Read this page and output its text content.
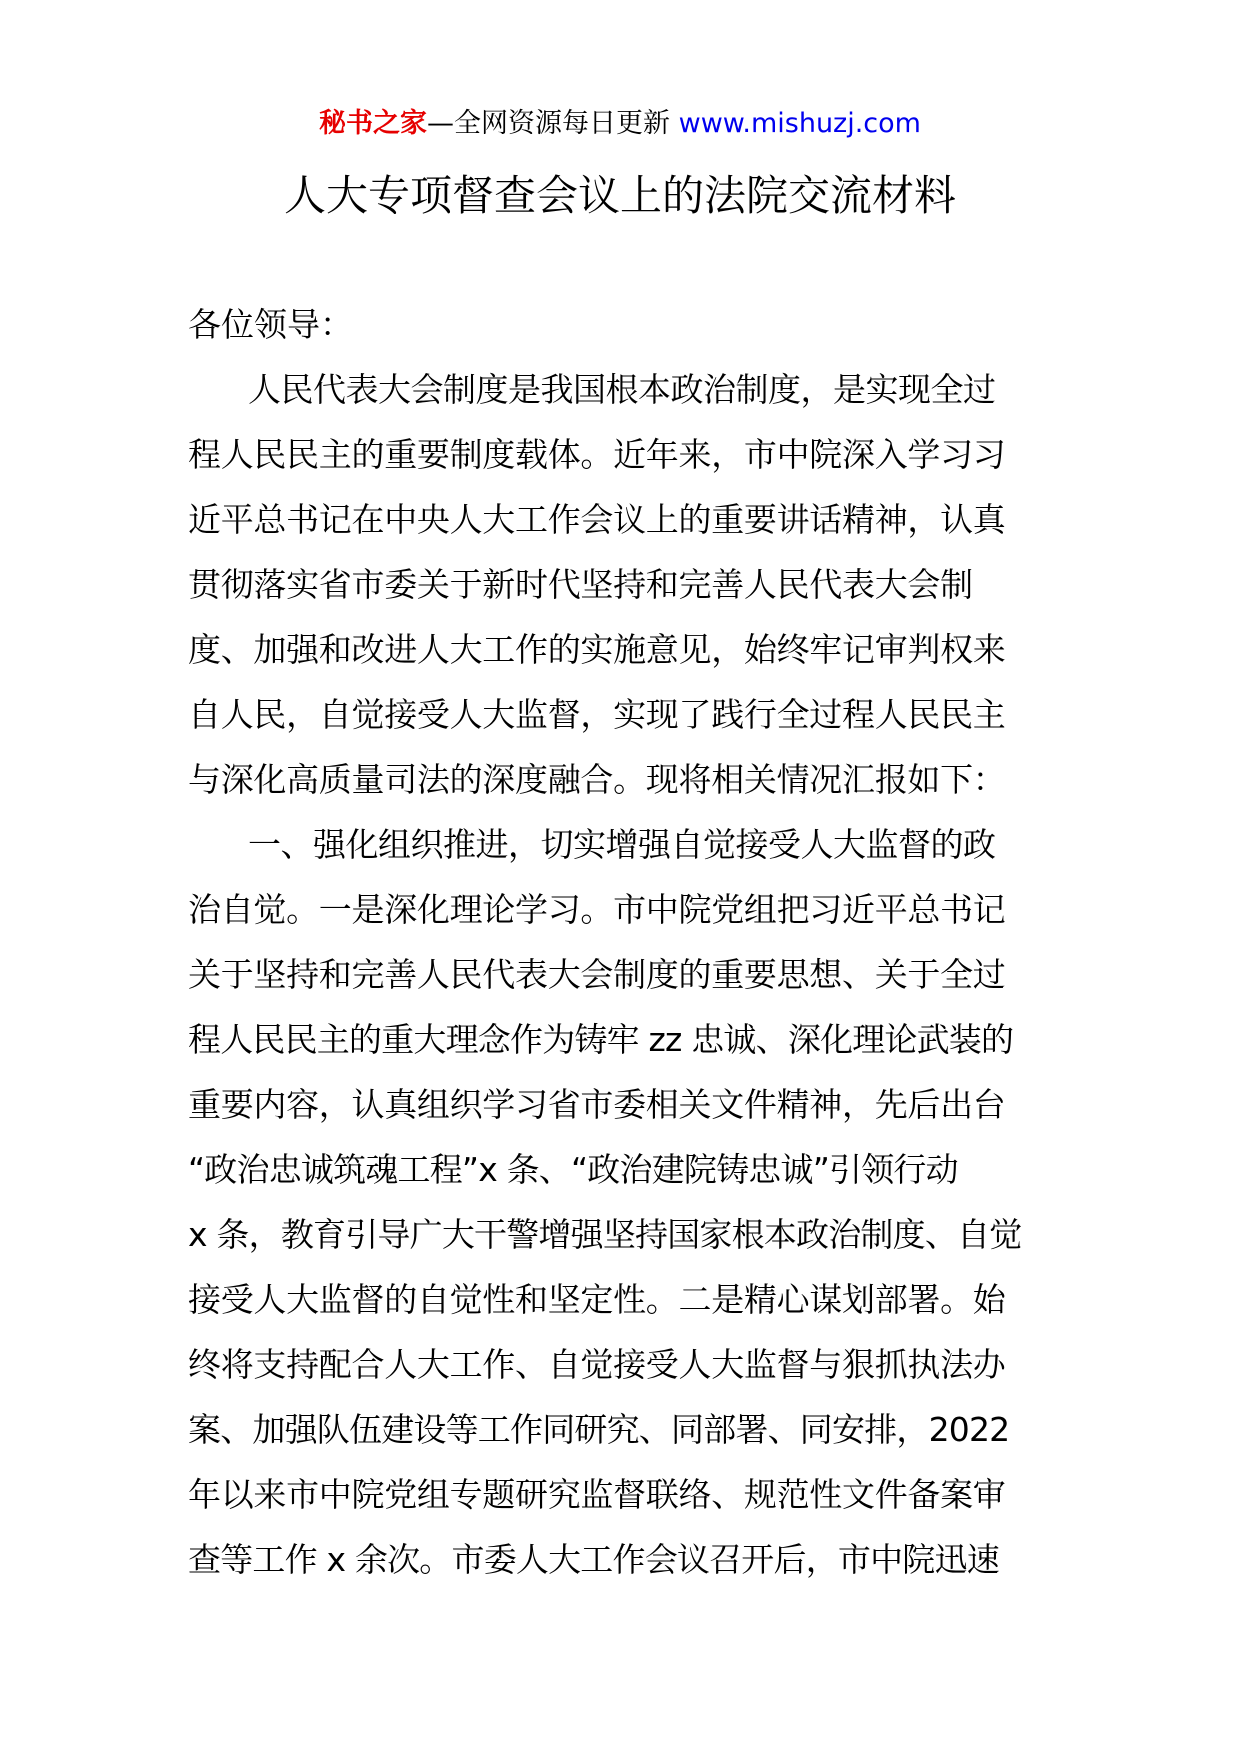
秘书之家—全网资源每日更新 www.mishuzj.com
人大专项督查会议上的法院交流材料
各位领导：
人民代表大会制度是我国根本政治制度，是实现全过
程人民民主的重要制度载体。近年来，市中院深入学习习
近平总书记在中央人大工作会议上的重要讲话精神，认真
贯彻落实省市委关于新时代坚持和完善人民代表大会制
度、加强和改进人大工作的实施意见，始终牢记审判权来
自人民，自觉接受人大监督，实现了践行全过程人民民主
与深化高质量司法的深度融合。现将相关情况汇报如下：
一、强化组织推进，切实增强自觉接受人大监督的政
治自觉。一是深化理论学习。市中院党组把习近平总书记
关于坚持和完善人民代表大会制度的重要思想、关于全过
程人民民主的重大理念作为铸牢 zz 忠诚、深化理论武装的
重要内容，认真组织学习省市委相关文件精神，先后出台
“政治忠诚筑魂工程”x 条、“政治建院铸忠诚”引领行动
x 条，教育引导广大干警增强坚持国家根本政治制度、自觉
接受人大监督的自觉性和坚定性。二是精心谋划部署。始
终将支持配合人大工作、自觉接受人大监督与狠抓执法办
案、加强队伍建设等工作同研究、同部署、同安排，2022
年以来市中院党组专题研究监督联络、规范性文件备案审
查等工作 x 余次。市委人大工作会议召开后，市中院迅速
